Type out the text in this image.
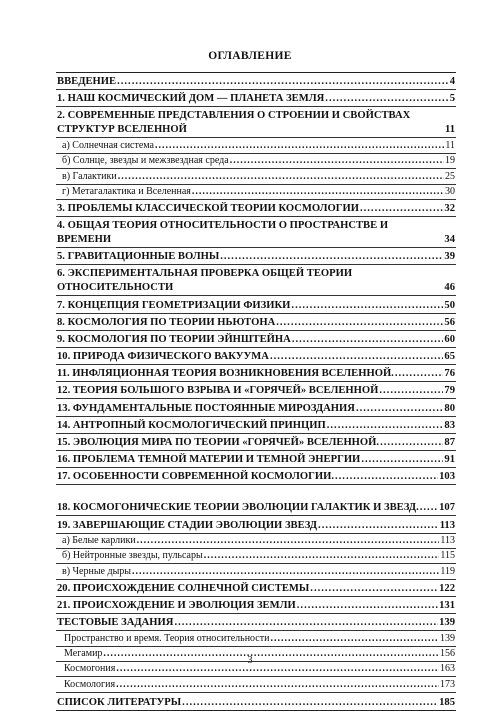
ОГЛАВЛЕНИЕ
ВВЕДЕНИЕ .....	4
1. НАШ КОСМИЧЕСКИЙ ДОМ — ПЛАНЕТА ЗЕМЛЯ .....	5
2. СОВРЕМЕННЫЕ ПРЕДСТАВЛЕНИЯ О СТРОЕНИИ И СВОЙСТВАХ СТРУКТУР ВСЕЛЕННОЙ	11
а) Солнечная система .....	11
б) Солнце, звезды и межзвездная среда .....	19
в) Галактики .....	25
г) Метагалактика и Вселенная .....	30
3. ПРОБЛЕМЫ КЛАССИЧЕСКОЙ ТЕОРИИ КОСМОЛОГИИ .....	32
4. ОБЩАЯ ТЕОРИЯ ОТНОСИТЕЛЬНОСТИ О ПРОСТРАНСТВЕ И ВРЕМЕНИ	34
5. ГРАВИТАЦИОННЫЕ ВОЛНЫ .....	39
6. ЭКСПЕРИМЕНТАЛЬНАЯ ПРОВЕРКА ОБЩЕЙ ТЕОРИИ ОТНОСИТЕЛЬНОСТИ	46
7. КОНЦЕПЦИЯ ГЕОМЕТРИЗАЦИИ ФИЗИКИ .....	50
8. КОСМОЛОГИЯ ПО ТЕОРИИ НЬЮТОНА .....	56
9. КОСМОЛОГИЯ ПО ТЕОРИИ ЭЙНШТЕЙНА .....	60
10. ПРИРОДА ФИЗИЧЕСКОГО ВАКУУМА .....	65
11. ИНФЛЯЦИОННАЯ ТЕОРИЯ ВОЗНИКНОВЕНИЯ ВСЕЛЕННОЙ. .....	76
12. ТЕОРИЯ БОЛЬШОГО ВЗРЫВА И «ГОРЯЧЕЙ» ВСЕЛЕННОЙ .....	79
13. ФУНДАМЕНТАЛЬНЫЕ ПОСТОЯННЫЕ МИРОЗДАНИЯ .....	80
14. АНТРОПНЫЙ КОСМОЛОГИЧЕСКИЙ ПРИНЦИП .....	83
15. ЭВОЛЮЦИЯ МИРА ПО ТЕОРИИ «ГОРЯЧЕЙ» ВСЕЛЕННОЙ. .....	87
16. ПРОБЛЕМА ТЕМНОЙ МАТЕРИИ И ТЕМНОЙ ЭНЕРГИИ .....	91
17. ОСОБЕННОСТИ СОВРЕМЕННОЙ КОСМОЛОГИИ. .....	103
18. КОСМОГОНИЧЕСКИЕ ТЕОРИИ ЭВОЛЮЦИИ ГАЛАКТИК И ЗВЕЗД. ..... 107
19. ЗАВЕРШАЮЩИЕ СТАДИИ ЭВОЛЮЦИИ ЗВЕЗД .....	113
а) Белые карлики .....	113
б) Нейтронные звезды, пульсары .....	115
в) Черные дыры .....	119
20. ПРОИСХОЖДЕНИЕ СОЛНЕЧНОЙ СИСТЕМЫ .....	122
21. ПРОИСХОЖДЕНИЕ И ЭВОЛЮЦИЯ ЗЕМЛИ .....	131
ТЕСТОВЫЕ ЗАДАНИЯ .....	139
Пространство и время. Теория относительности .....	139
Мегамир .....	156
Космогония .....	163
Космология .....	173
СПИСОК ЛИТЕРАТУРЫ .....	185
3
